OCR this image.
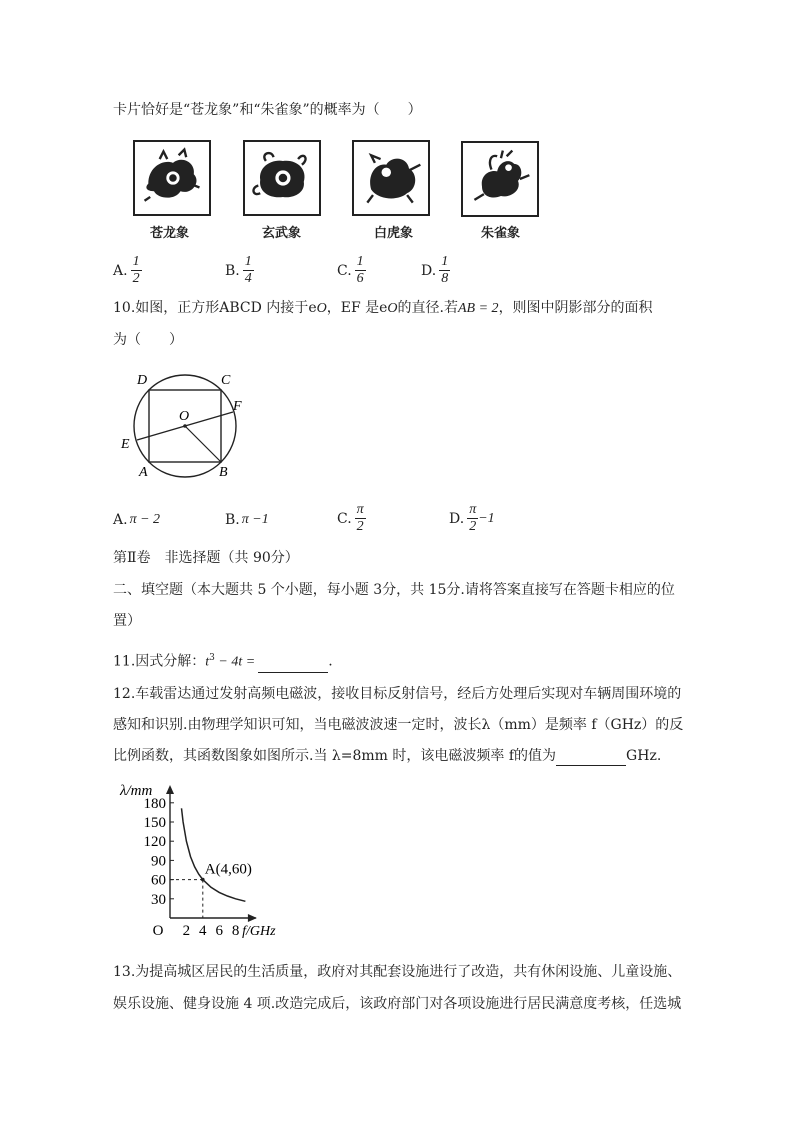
卡片恰好是“苍龙象”和“朱雀象”的概率为（　　）
苍龙象	玄武象	白虎象	朱雀象
A. $\frac{1}{2}$	B. $\frac{1}{4}$	C. $\frac{1}{6}$	D. $\frac{1}{8}$
10.如图，正方形ABCD 内接于eO，EF 是eO的直径.若AB = 2，则图中阴影部分的面积
为（　　）
D	C
O
F
E
A	B
A. π − 2	B. π −1	C. $\frac{\pi}{2}$	D. $\frac{\pi}{2} -1$
第Ⅱ卷　非选择题（共 90分）
二、填空题（本大题共 5 个小题，每小题 3分，共 15分.请将答案直接写在答题卡相应的位
置）
11.因式分解：$t^3 - 4t$ =	.
12.车载雷达通过发射高频电磁波，接收目标反射信号，经后方处理后实现对车辆周围环境的
感知和识别.由物理学知识可知，当电磁波波速一定时，波长λ（mm）是频率 f（GHz）的反
比例函数，其函数图象如图所示.当 λ=8mm 时，该电磁波频率 f的值为	GHz.
180
150
120
90
60
30
2 4 6 8
O	f/GHz
λ/mm
A(4,60)
13.为提高城区居民的生活质量，政府对其配套设施进行了改造，共有休闲设施、儿童设施、
娱乐设施、健身设施 4 项.改造完成后，该政府部门对各项设施进行居民满意度考核，任选城
